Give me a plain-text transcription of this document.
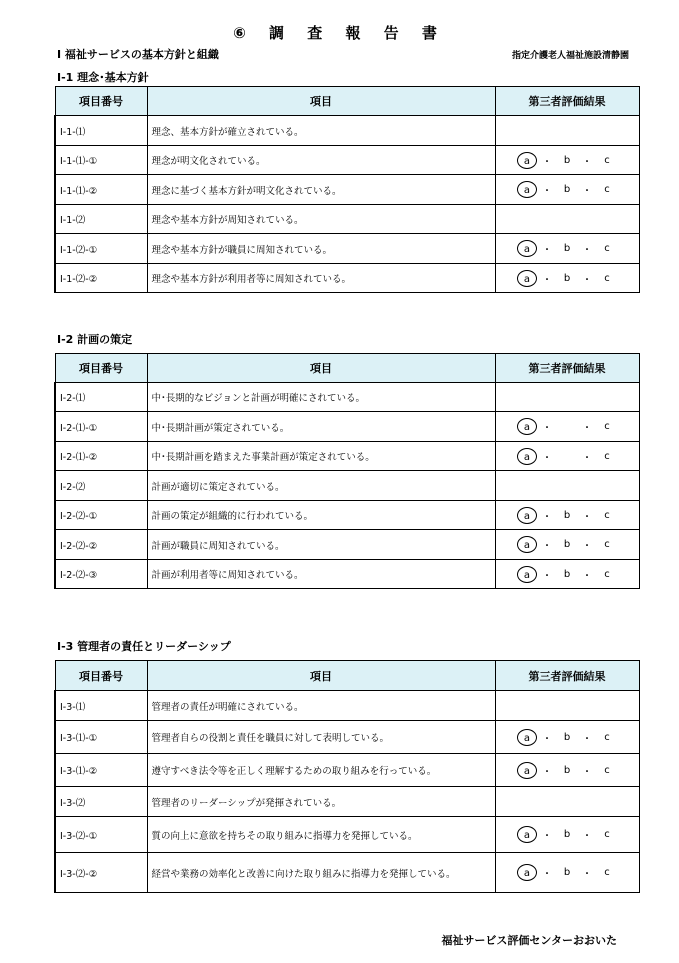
⑥ 調 査 報 告 書
Ⅰ 福祉サービスの基本方針と組織	指定介護老人福祉施設清静園
Ⅰ-1 理念･基本方針
項目番号	項目	第三者評価結果
Ⅰ-1-⑴	理念、基本方針が確立されている。	
Ⅰ-1-⑴-①	理念が明文化されている。	a ・ b ・ c

Ⅰ-1-⑴-②	理念に基づく基本方針が明文化されている。	a ・ b ・ c

Ⅰ-1-⑵	理念や基本方針が周知されている。	
Ⅰ-1-⑵-①	理念や基本方針が職員に周知されている。	a ・ b ・ c

Ⅰ-1-⑵-②	理念や基本方針が利用者等に周知されている。	a ・ b ・ c
Ⅰ-2 計画の策定
項目番号	項目	第三者評価結果
Ⅰ-2-⑴	中･長期的なビジョンと計画が明確にされている。	
Ⅰ-2-⑴-①	中･長期計画が策定されている。	a ・ ・ c

Ⅰ-2-⑴-②	中･長期計画を踏まえた事業計画が策定されている。	a ・ ・ c

Ⅰ-2-⑵	計画が適切に策定されている。	
Ⅰ-2-⑵-①	計画の策定が組織的に行われている。	a ・ b ・ c

Ⅰ-2-⑵-②	計画が職員に周知されている。	a ・ b ・ c

Ⅰ-2-⑵-③	計画が利用者等に周知されている。	a ・ b ・ c
Ⅰ-3 管理者の責任とリーダーシップ
項目番号	項目	第三者評価結果
Ⅰ-3-⑴	管理者の責任が明確にされている。	
Ⅰ-3-⑴-①	管理者自らの役割と責任を職員に対して表明している。	a ・ b ・ c

Ⅰ-3-⑴-②	遵守すべき法令等を正しく理解するための取り組みを行っている。	a ・ b ・ c

Ⅰ-3-⑵	管理者のリーダーシップが発揮されている。	
Ⅰ-3-⑵-①	質の向上に意欲を持ちその取り組みに指導力を発揮している。	a ・ b ・ c

Ⅰ-3-⑵-②	経営や業務の効率化と改善に向けた取り組みに指導力を発揮している。	a ・ b ・ c
福祉サービス評価センターおおいた
